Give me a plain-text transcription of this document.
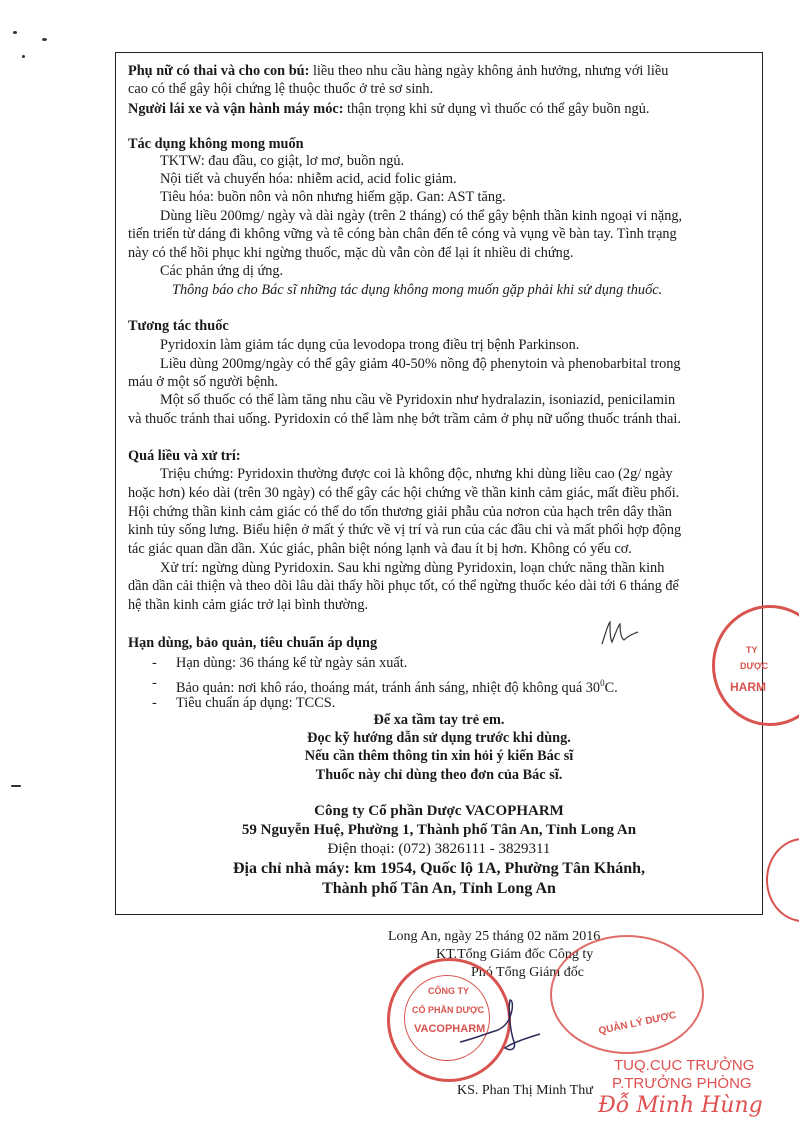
Phụ nữ có thai và cho con bú: liều theo nhu cầu hàng ngày không ảnh hưởng, nhưng với liều
cao có thể gây hội chứng lệ thuộc thuốc ở trẻ sơ sinh.
Người lái xe và vận hành máy móc: thận trọng khi sử dụng vì thuốc có thể gây buồn ngủ.
Tác dụng không mong muốn
TKTW: đau đầu, co giật, lơ mơ, buồn ngủ.
Nội tiết và chuyển hóa: nhiễm acid, acid folic giảm.
Tiêu hóa: buồn nôn và nôn nhưng hiếm gặp. Gan: AST tăng.
Dùng liều 200mg/ ngày và dài ngày (trên 2 tháng) có thể gây bệnh thần kinh ngoại vi nặng,
tiến triển từ dáng đi không vững và tê cóng bàn chân đến tê cóng và vụng về bàn tay. Tình trạng
này có thể hồi phục khi ngừng thuốc, mặc dù vẫn còn để lại ít nhiều di chứng.
Các phản ứng dị ứng.
Thông báo cho Bác sĩ những tác dụng không mong muốn gặp phải khi sử dụng thuốc.
Tương tác thuốc
Pyridoxin làm giảm tác dụng của levodopa trong điều trị bệnh Parkinson.
Liều dùng 200mg/ngày có thể gây giảm 40-50% nồng độ phenytoin và phenobarbital trong
máu ở một số người bệnh.
Một số thuốc có thể làm tăng nhu cầu về Pyridoxin như hydralazin, isoniazid, penicilamin
và thuốc tránh thai uống. Pyridoxin có thể làm nhẹ bớt trầm cảm ở phụ nữ uống thuốc tránh thai.
Quá liều và xử trí:
Triệu chứng: Pyridoxin thường được coi là không độc, nhưng khi dùng liều cao (2g/ ngày
hoặc hơn) kéo dài (trên 30 ngày) có thể gây các hội chứng về thần kinh cảm giác, mất điều phối.
Hội chứng thần kinh cảm giác có thể do tổn thương giải phẫu của nơron của hạch trên dây thần
kinh tủy sống lưng. Biểu hiện ở mất ý thức về vị trí và run của các đầu chi và mất phối hợp động
tác giác quan dần dần. Xúc giác, phân biệt nóng lạnh và đau ít bị hơn. Không có yếu cơ.
Xử trí: ngừng dùng Pyridoxin. Sau khi ngừng dùng Pyridoxin, loạn chức năng thần kinh
dần dần cải thiện và theo dõi lâu dài thấy hồi phục tốt, có thể ngừng thuốc kéo dài tới 6 tháng để
hệ thần kinh cảm giác trở lại bình thường.
Hạn dùng, bảo quản, tiêu chuẩn áp dụng
- Hạn dùng: 36 tháng kể từ ngày sản xuất.
- Bảo quản: nơi khô ráo, thoáng mát, tránh ánh sáng, nhiệt độ không quá $30^0C$.
- Tiêu chuẩn áp dụng: TCCS.
Để xa tầm tay trẻ em.
Đọc kỹ hướng dẫn sử dụng trước khi dùng.
Nếu cần thêm thông tin xin hỏi ý kiến Bác sĩ
Thuốc này chỉ dùng theo đơn của Bác sĩ.
Công ty Cổ phần Dược VACOPHARM
59 Nguyễn Huệ, Phường 1, Thành phố Tân An, Tỉnh Long An
Điện thoại: (072) 3826111 - 3829311
Địa chỉ nhà máy: km 1954, Quốc lộ 1A, Phường Tân Khánh,
Thành phố Tân An, Tỉnh Long An
TY
DƯỢC
HARM
Long An, ngày 25 tháng 02 năm 2016
KT.Tổng Giám đốc Công ty
Phó Tổng Giám đốc
CÔNG TY
CỔ PHẦN DƯỢC
VACOPHARM	QUẢN LÝ DƯỢC
KS. Phan Thị Minh Thư
TUQ.CỤC TRƯỞNG
P.TRƯỞNG PHÒNG
Đỗ Minh Hùng
